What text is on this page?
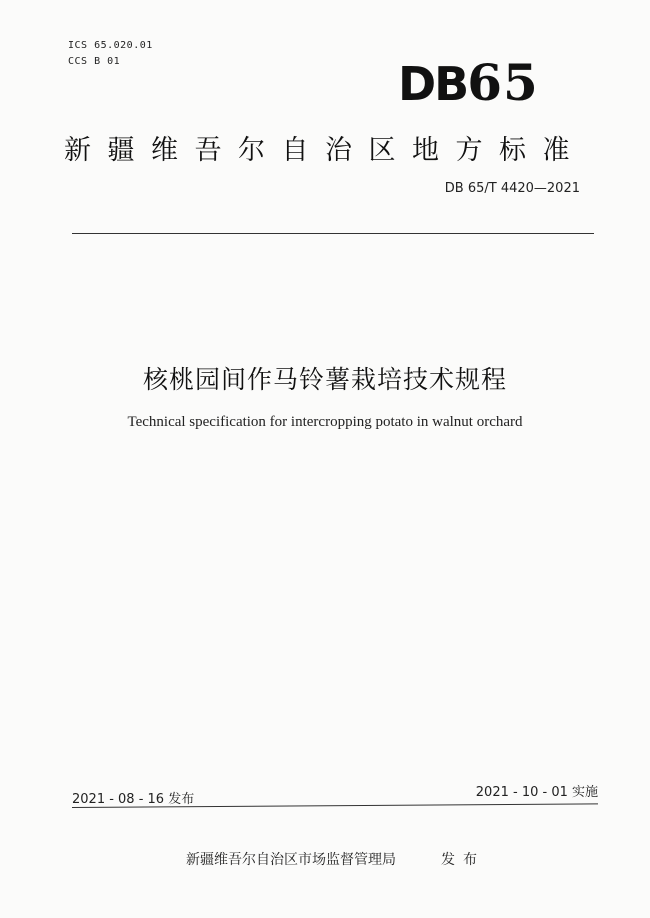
ICS 65.020.01
CCS B 01	DB65
新疆维吾尔自治区地方标准
DB 65/T 4420—2021
核桃园间作马铃薯栽培技术规程
Technical specification for intercropping potato in walnut orchard
2021 - 08 - 16 发布	2021 - 10 - 01 实施
新疆维吾尔自治区市场监督管理局	发布
